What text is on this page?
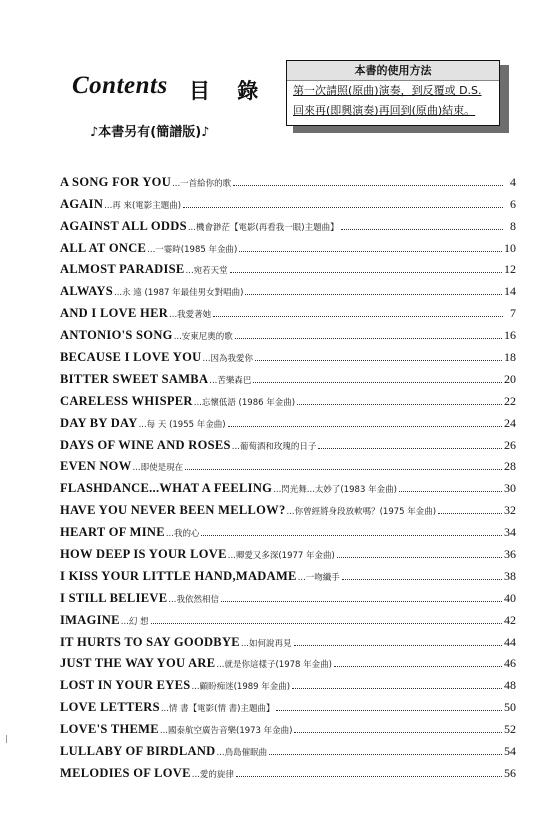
Contents 目 錄
本書的使用方法
第一次請照(原曲)演奏，到反覆或 D.S.
回來再(即興演奏)再回到(原曲)結束。
♪本書另有(簡譜版)♪
A SONG FOR YOU ...一首給你的歌	4
AGAIN ...再 來(電影主題曲)	6
AGAINST ALL ODDS ...機會渺茫【電影(再看我一眼)主題曲】	8
ALL AT ONCE ...一霎時(1985 年金曲)	10
ALMOST PARADISE ...宛若天堂	12
ALWAYS ...永 遠 (1987 年最佳男女對唱曲)	14
AND I LOVE HER ...我愛著她	7
ANTONIO'S SONG ...安東尼奧的歌	16
BECAUSE I LOVE YOU ...因為我愛你	18
BITTER SWEET SAMBA ...苦樂森巴	20
CARELESS WHISPER ...忘懷低語 (1986 年金曲)	22
DAY BY DAY ...每 天 (1955 年金曲)	24
DAYS OF WINE AND ROSES ...葡萄酒和玫瑰的日子	26
EVEN NOW ...即使是現在	28
FLASHDANCE...WHAT A FEELING ...閃光舞...太妙了(1983 年金曲)	30
HAVE YOU NEVER BEEN MELLOW? ...你曾經將身段放軟嗎？(1975 年金曲)	32
HEART OF MINE ...我的心	34
HOW DEEP IS YOUR LOVE ...卿愛又多深(1977 年金曲)	36
I KISS YOUR LITTLE HAND,MADAME ...一吻纖手	38
I STILL BELIEVE ...我依然相信	40
IMAGINE ...幻 想	42
IT HURTS TO SAY GOODBYE ...如何說再見	44
JUST THE WAY YOU ARE ...就是你這樣子(1978 年金曲)	46
LOST IN YOUR EYES ...顧盼痴迷(1989 年金曲)	48
LOVE LETTERS ...情 書【電影(情 書)主題曲】	50
LOVE'S THEME ...國泰航空廣告音樂(1973 年金曲)	52
LULLABY OF BIRDLAND ...鳥島催眠曲	54
MELODIES OF LOVE ...愛的旋律	56
